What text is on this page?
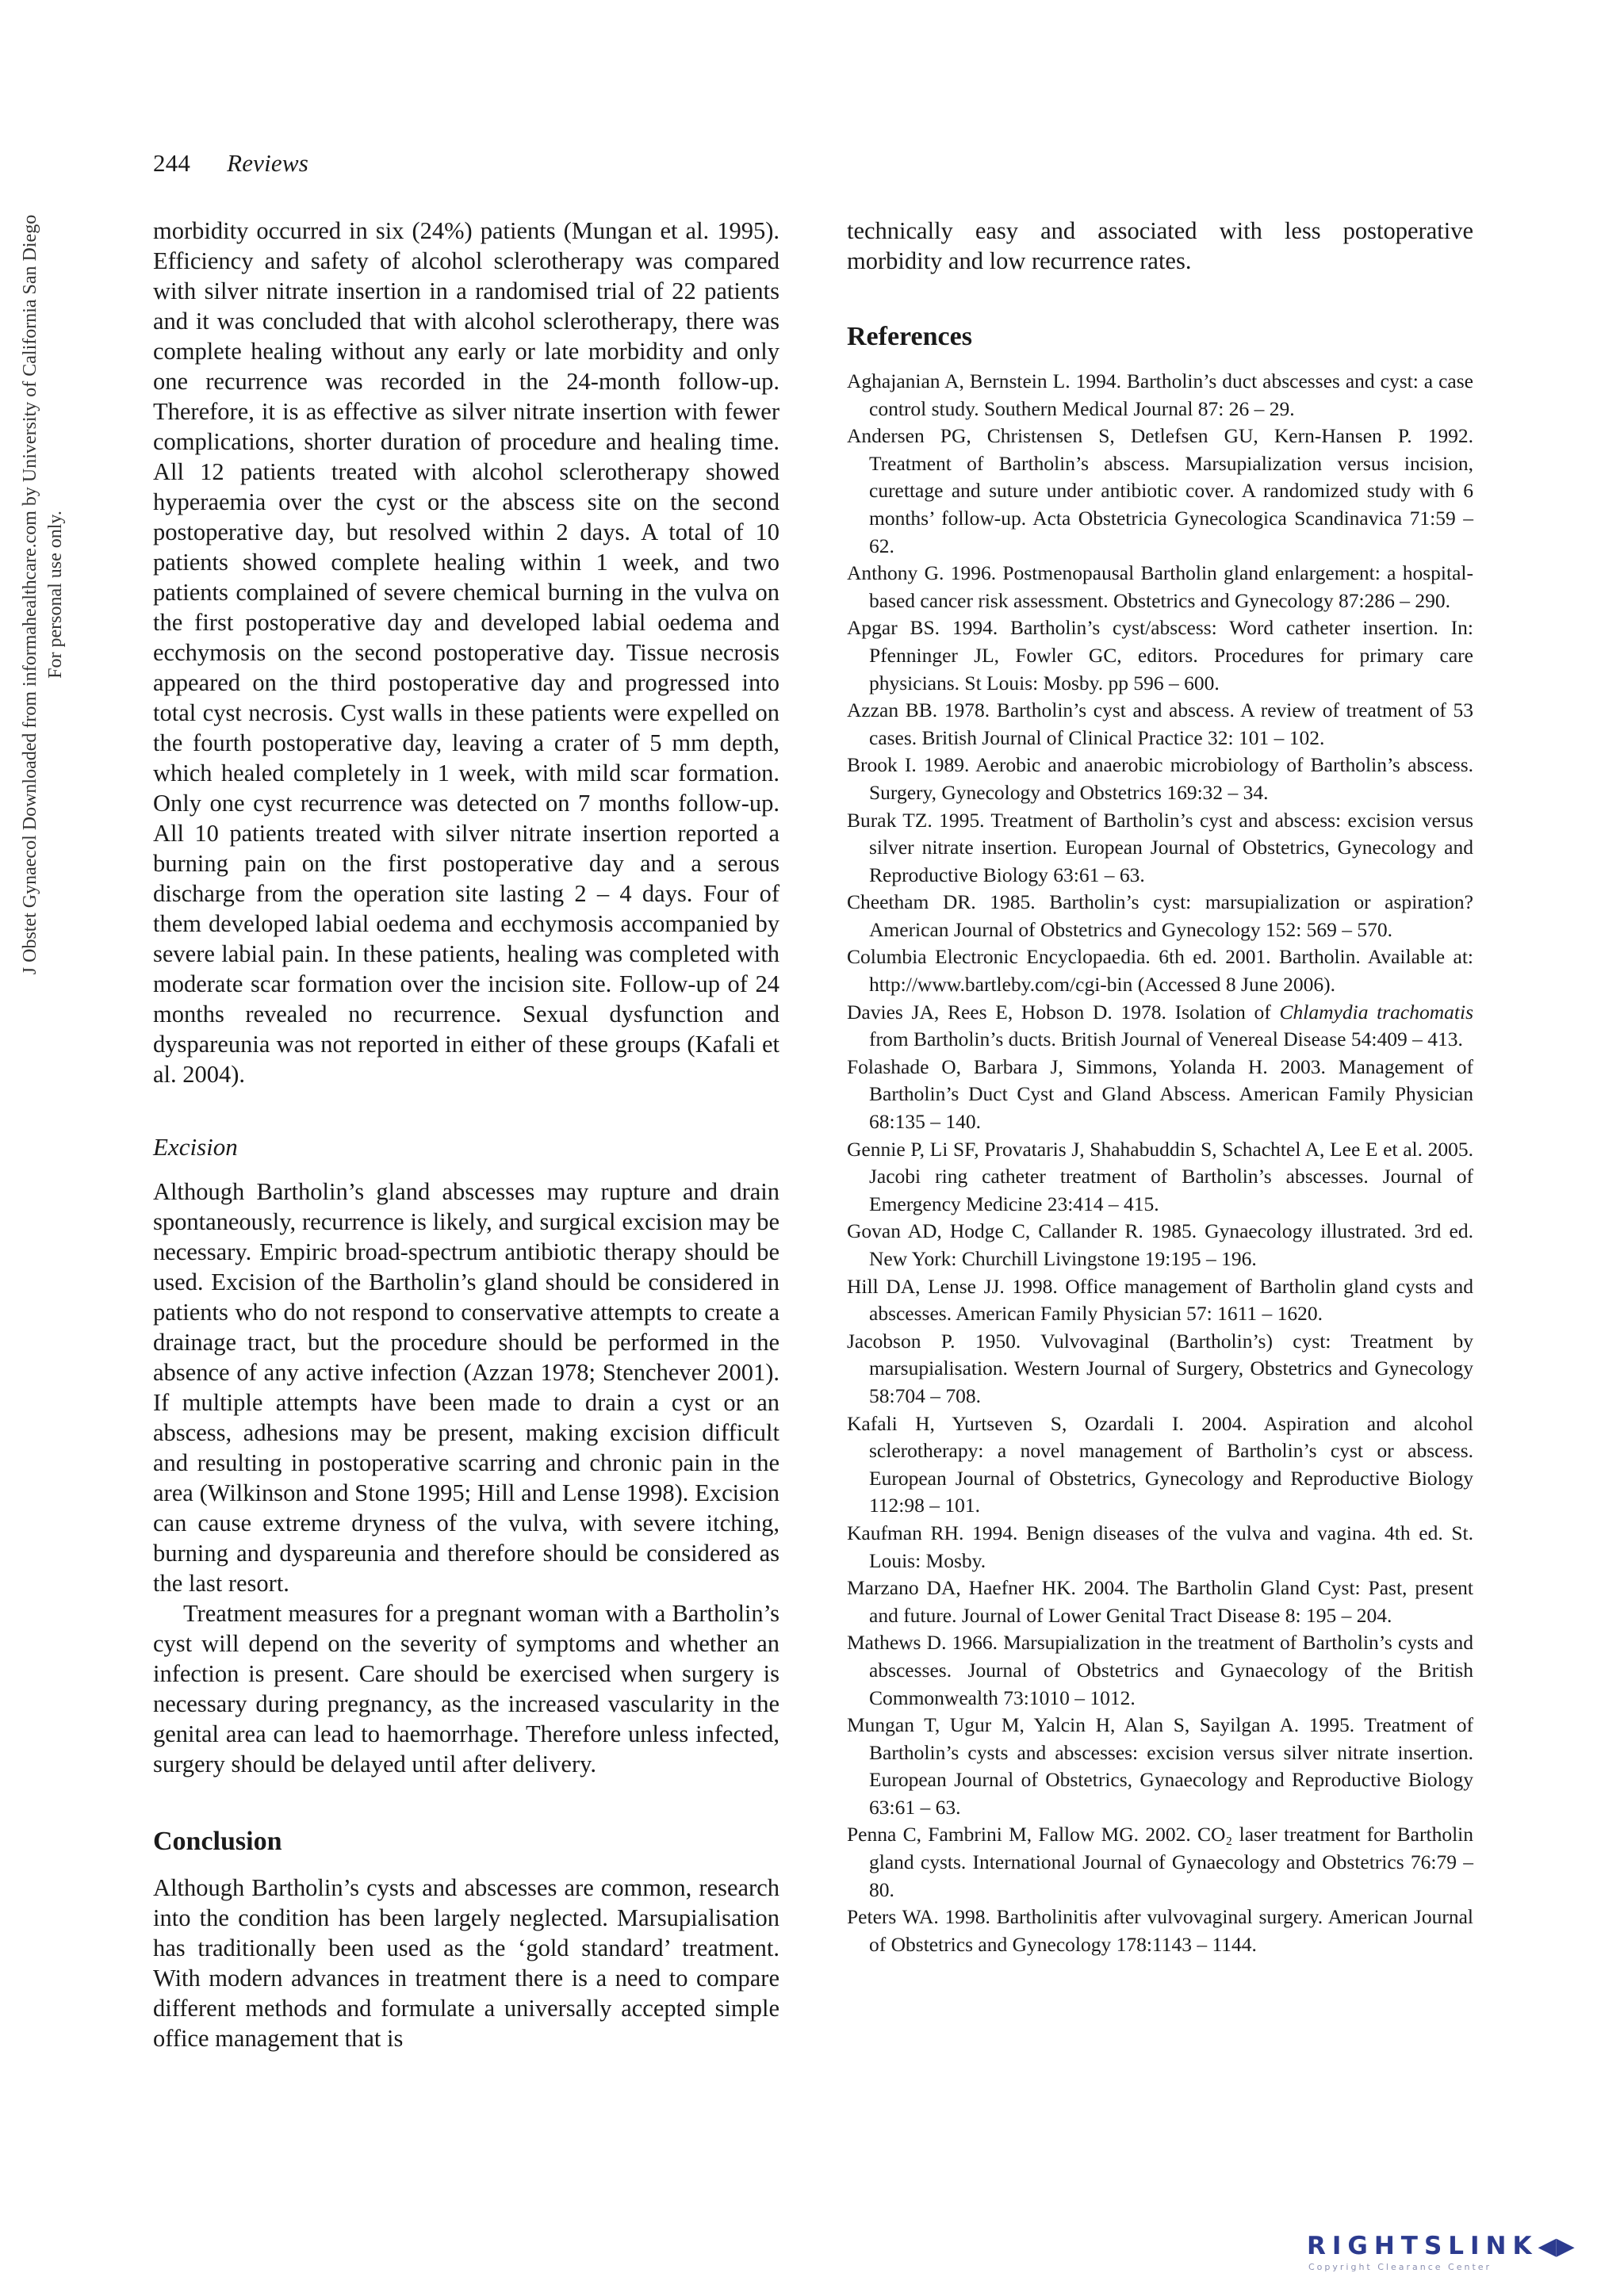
J Obstet Gynaecol Downloaded from informahealthcare.com by University of California San Diego For personal use only.
244 Reviews

morbidity occurred in six (24%) patients (Mungan et al. 1995). Efficiency and safety of alcohol sclerotherapy was compared with silver nitrate insertion in a randomised trial of 22 patients and it was concluded that with alcohol sclerotherapy, there was complete healing without any early or late morbidity and only one recurrence was recorded in the 24-month follow-up. Therefore, it is as effective as silver nitrate insertion with fewer complications, shorter duration of procedure and healing time. All 12 patients treated with alcohol sclerotherapy showed hyperaemia over the cyst or the abscess site on the second postoperative day, but resolved within 2 days. A total of 10 patients showed complete healing within 1 week, and two patients complained of severe chemical burning in the vulva on the first postoperative day and developed labial oedema and ecchymosis on the second postoperative day. Tissue necrosis appeared on the third postoperative day and progressed into total cyst necrosis. Cyst walls in these patients were expelled on the fourth postoperative day, leaving a crater of 5 mm depth, which healed completely in 1 week, with mild scar formation. Only one cyst recurrence was detected on 7 months follow-up. All 10 patients treated with silver nitrate insertion reported a burning pain on the first postoperative day and a serous discharge from the operation site lasting 2 – 4 days. Four of them developed labial oedema and ecchymosis accompanied by severe labial pain. In these patients, healing was completed with moderate scar formation over the incision site. Follow-up of 24 months revealed no recurrence. Sexual dysfunction and dyspareunia was not reported in either of these groups (Kafali et al. 2004).

Excision

Although Bartholin’s gland abscesses may rupture and drain spontaneously, recurrence is likely, and surgical excision may be necessary. Empiric broad-spectrum antibiotic therapy should be used. Excision of the Bartholin’s gland should be considered in patients who do not respond to conservative attempts to create a drainage tract, but the procedure should be performed in the absence of any active infection (Azzan 1978; Stenchever 2001). If multiple attempts have been made to drain a cyst or an abscess, adhesions may be present, making excision difficult and resulting in postoperative scarring and chronic pain in the area (Wilkinson and Stone 1995; Hill and Lense 1998). Excision can cause extreme dryness of the vulva, with severe itching, burning and dyspareunia and therefore should be considered as the last resort.

Treatment measures for a pregnant woman with a Bartholin’s cyst will depend on the severity of symptoms and whether an infection is present. Care should be exercised when surgery is necessary during pregnancy, as the increased vascularity in the genital area can lead to haemorrhage. Therefore unless infected, surgery should be delayed until after delivery.

Conclusion

Although Bartholin’s cysts and abscesses are common, research into the condition has been largely neglected. Marsupialisation has traditionally been used as the ‘gold standard’ treatment. With modern advances in treatment there is a need to compare different methods and formulate a universally accepted simple office management that is

technically easy and associated with less postoperative morbidity and low recurrence rates.

References
Aghajanian A, Bernstein L. 1994. Bartholin’s duct abscesses and cyst: a case control study. Southern Medical Journal 87: 26 – 29.
Andersen PG, Christensen S, Detlefsen GU, Kern-Hansen P. 1992. Treatment of Bartholin’s abscess. Marsupialization versus incision, curettage and suture under antibiotic cover. A randomized study with 6 months’ follow-up. Acta Obstetricia Gynecologica Scandinavica 71:59 – 62.
Anthony G. 1996. Postmenopausal Bartholin gland enlargement: a hospital-based cancer risk assessment. Obstetrics and Gynecology 87:286 – 290.
Apgar BS. 1994. Bartholin’s cyst/abscess: Word catheter insertion. In: Pfenninger JL, Fowler GC, editors. Procedures for primary care physicians. St Louis: Mosby. pp 596 – 600.
Azzan BB. 1978. Bartholin’s cyst and abscess. A review of treatment of 53 cases. British Journal of Clinical Practice 32: 101 – 102.
Brook I. 1989. Aerobic and anaerobic microbiology of Bartholin’s abscess. Surgery, Gynecology and Obstetrics 169:32 – 34.
Burak TZ. 1995. Treatment of Bartholin’s cyst and abscess: excision versus silver nitrate insertion. European Journal of Obstetrics, Gynecology and Reproductive Biology 63:61 – 63.
Cheetham DR. 1985. Bartholin’s cyst: marsupialization or aspiration? American Journal of Obstetrics and Gynecology 152: 569 – 570.
Columbia Electronic Encyclopaedia. 6th ed. 2001. Bartholin. Available at: http://www.bartleby.com/cgi-bin (Accessed 8 June 2006).
Davies JA, Rees E, Hobson D. 1978. Isolation of Chlamydia trachomatis from Bartholin’s ducts. British Journal of Venereal Disease 54:409 – 413.
Folashade O, Barbara J, Simmons, Yolanda H. 2003. Management of Bartholin’s Duct Cyst and Gland Abscess. American Family Physician 68:135 – 140.
Gennie P, Li SF, Provataris J, Shahabuddin S, Schachtel A, Lee E et al. 2005. Jacobi ring catheter treatment of Bartholin’s abscesses. Journal of Emergency Medicine 23:414 – 415.
Govan AD, Hodge C, Callander R. 1985. Gynaecology illustrated. 3rd ed. New York: Churchill Livingstone 19:195 – 196.
Hill DA, Lense JJ. 1998. Office management of Bartholin gland cysts and abscesses. American Family Physician 57: 1611 – 1620.
Jacobson P. 1950. Vulvovaginal (Bartholin’s) cyst: Treatment by marsupialisation. Western Journal of Surgery, Obstetrics and Gynecology 58:704 – 708.
Kafali H, Yurtseven S, Ozardali I. 2004. Aspiration and alcohol sclerotherapy: a novel management of Bartholin’s cyst or abscess. European Journal of Obstetrics, Gynecology and Reproductive Biology 112:98 – 101.
Kaufman RH. 1994. Benign diseases of the vulva and vagina. 4th ed. St. Louis: Mosby.
Marzano DA, Haefner HK. 2004. The Bartholin Gland Cyst: Past, present and future. Journal of Lower Genital Tract Disease 8: 195 – 204.
Mathews D. 1966. Marsupialization in the treatment of Bartholin’s cysts and abscesses. Journal of Obstetrics and Gynaecology of the British Commonwealth 73:1010 – 1012.
Mungan T, Ugur M, Yalcin H, Alan S, Sayilgan A. 1995. Treatment of Bartholin’s cysts and abscesses: excision versus silver nitrate insertion. European Journal of Obstetrics, Gynaecology and Reproductive Biology 63:61 – 63.
Penna C, Fambrini M, Fallow MG. 2002. CO₂ laser treatment for Bartholin gland cysts. International Journal of Gynaecology and Obstetrics 76:79 – 80.
Peters WA. 1998. Bartholinitis after vulvovaginal surgery. American Journal of Obstetrics and Gynecology 178:1143 – 1144.
RIGHTSLINK◀▶
Copyright Clearance Center
